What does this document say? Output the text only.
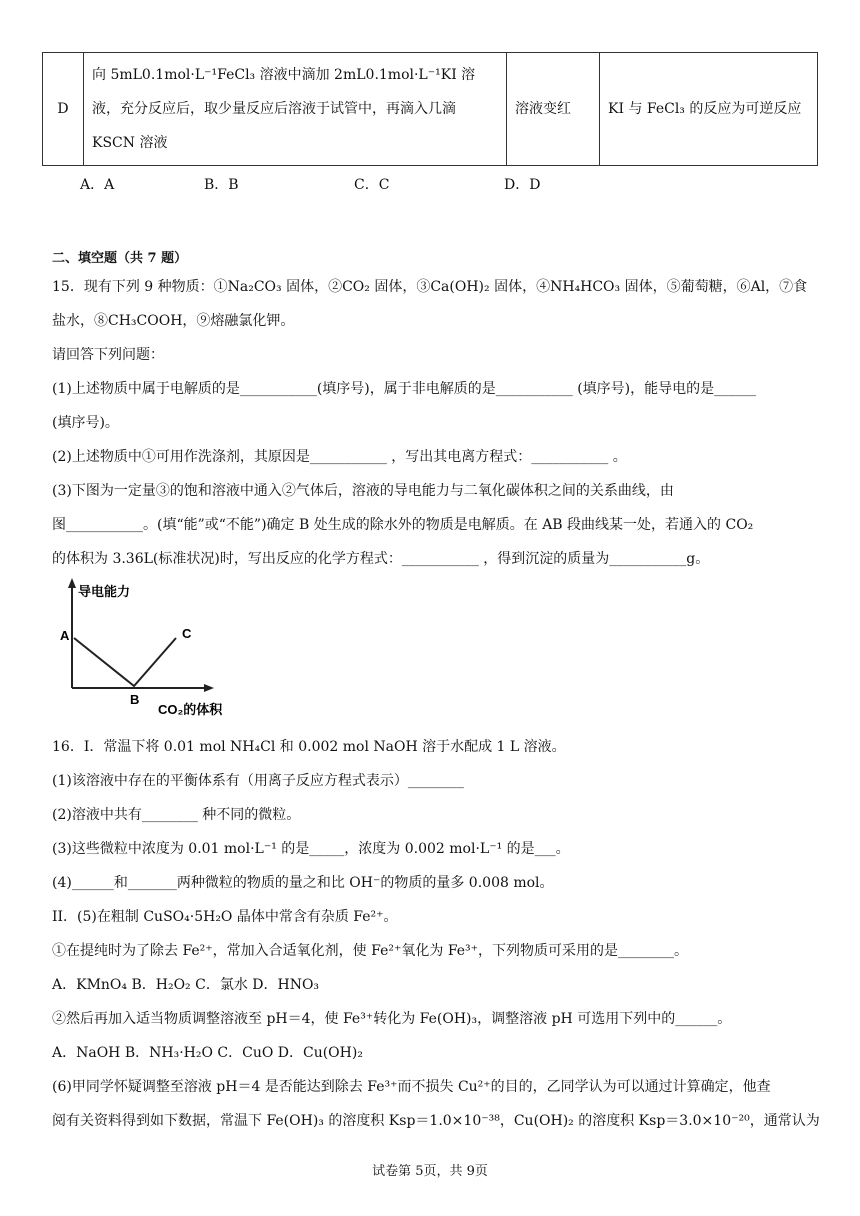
D	向 5mL0.1mol·L⁻¹FeCl₃ 溶液中滴加 2mL0.1mol·L⁻¹KI 溶液，充分反应后，取少量反应后溶液于试管中，再滴入几滴 KSCN 溶液	溶液变红	KI 与 FeCl₃ 的反应为可逆反应
A．A	B．B	C．C	D．D
二、填空题（共 7 题）
15．现有下列 9 种物质：①Na₂CO₃ 固体，②CO₂ 固体，③Ca(OH)₂ 固体，④NH₄HCO₃ 固体，⑤葡萄糖，⑥Al，⑦食
盐水，⑧CH₃COOH，⑨熔融氯化钾。
请回答下列问题：
(1)上述物质中属于电解质的是___________(填序号)，属于非电解质的是___________ (填序号)，能导电的是______
(填序号)。
(2)上述物质中①可用作洗涤剂，其原因是___________ ，写出其电离方程式：___________ 。
(3)下图为一定量③的饱和溶液中通入②气体后，溶液的导电能力与二氧化碳体积之间的关系曲线，由
图___________。(填“能”或“不能”)确定 B 处生成的除水外的物质是电解质。在 AB 段曲线某一处，若通入的 CO₂
的体积为 3.36L(标准状况)时，写出反应的化学方程式：___________ ，得到沉淀的质量为___________g。
导电能力
A
B
C
CO₂的体积
16．I．常温下将 0.01 mol NH₄Cl 和 0.002 mol NaOH 溶于水配成 1 L 溶液。
(1)该溶液中存在的平衡体系有（用离子反应方程式表示）________
(2)溶液中共有________ 种不同的微粒。
(3)这些微粒中浓度为 0.01 mol·L⁻¹ 的是_____，浓度为 0.002 mol·L⁻¹ 的是___。
(4)______和_______两种微粒的物质的量之和比 OH⁻的物质的量多 0.008 mol。
II．(5)在粗制 CuSO₄·5H₂O 晶体中常含有杂质 Fe²⁺。
①在提纯时为了除去 Fe²⁺，常加入合适氧化剂，使 Fe²⁺氧化为 Fe³⁺，下列物质可采用的是________。
A．KMnO₄ B．H₂O₂ C．氯水 D．HNO₃
②然后再加入适当物质调整溶液至 pH＝4，使 Fe³⁺转化为 Fe(OH)₃，调整溶液 pH 可选用下列中的______。
A．NaOH B．NH₃·H₂O C．CuO D．Cu(OH)₂
(6)甲同学怀疑调整至溶液 pH＝4 是否能达到除去 Fe³⁺而不损失 Cu²⁺的目的，乙同学认为可以通过计算确定，他查
阅有关资料得到如下数据，常温下 Fe(OH)₃ 的溶度积 Ksp＝1.0×10⁻³⁸，Cu(OH)₂ 的溶度积 Ksp＝3.0×10⁻²⁰，通常认为
试卷第 5页，共 9页
